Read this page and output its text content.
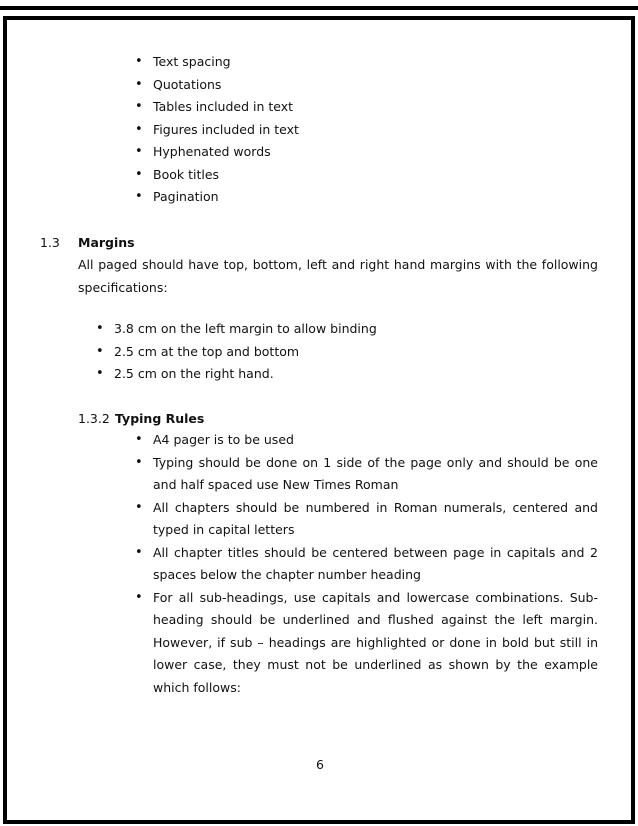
• Text spacing
• Quotations
• Tables included in text
• Figures included in text
• Hyphenated words
• Book titles
• Pagination
1.3 Margins
All paged should have top, bottom, left and right hand margins with the following specifications:
• 3.8 cm on the left margin to allow binding
• 2.5 cm at the top and bottom
• 2.5 cm on the right hand.
1.3.2 Typing Rules
• A4 pager is to be used
• Typing should be done on 1 side of the page only and should be one and half spaced use New Times Roman
• All chapters should be numbered in Roman numerals, centered and typed in capital letters
• All chapter titles should be centered between page in capitals and 2 spaces below the chapter number heading
• For all sub-headings, use capitals and lowercase combinations. Sub-heading should be underlined and flushed against the left margin. However, if sub – headings are highlighted or done in bold but still in lower case, they must not be underlined as shown by the example which follows:
6
